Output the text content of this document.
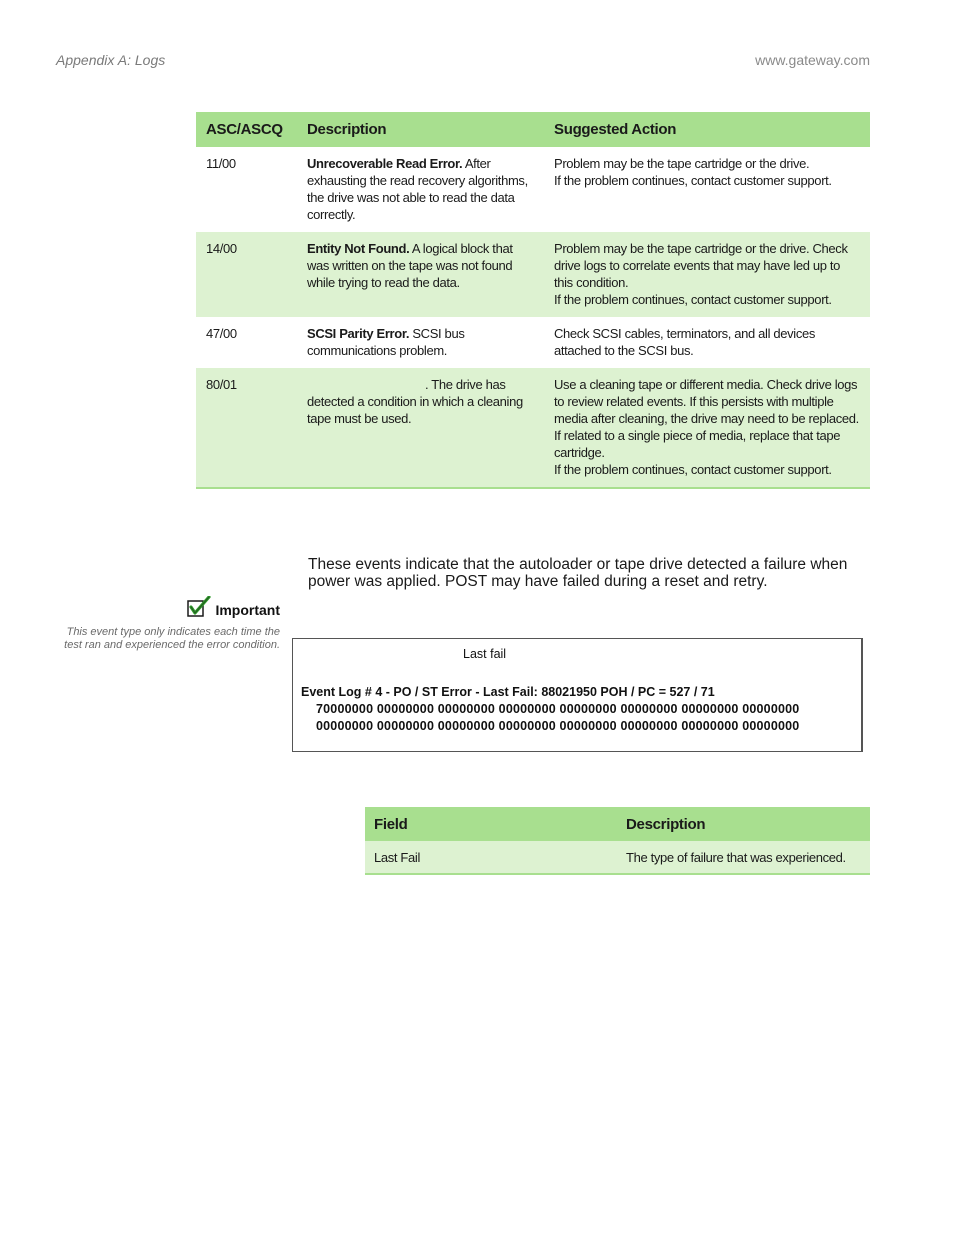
Appendix A: Logs	www.gateway.com
ASC/ASCQ	Description	Suggested Action
11/00	Unrecoverable Read Error. After exhausting the read recovery algorithms, the drive was not able to read the data correctly.	Problem may be the tape cartridge or the drive.
If the problem continues, contact customer support.

14/00	Entity Not Found. A logical block that was written on the tape was not found while trying to read the data.	Problem may be the tape cartridge or the drive. Check drive logs to correlate events that may have led up to this condition.
If the problem continues, contact customer support.

47/00	SCSI Parity Error. SCSI bus communications problem.	Check SCSI cables, terminators, and all devices attached to the SCSI bus.

80/01	. The drive has detected a condition in which a cleaning tape must be used.	Use a cleaning tape or different media. Check drive logs to review related events. If this persists with multiple media after cleaning, the drive may need to be replaced. If related to a single piece of media, replace that tape cartridge.
If the problem continues, contact customer support.
These events indicate that the autoloader or tape drive detected a failure when power was applied. POST may have failed during a reset and retry.
Important
This event type only indicates each time the test ran and experienced the error condition.
Last fail
Event Log # 4 - PO / ST Error - Last Fail: 88021950 POH / PC = 527 / 71
70000000 00000000 00000000 00000000 00000000 00000000 00000000 00000000
00000000 00000000 00000000 00000000 00000000 00000000 00000000 00000000
Field	Description
Last Fail	The type of failure that was experienced.
